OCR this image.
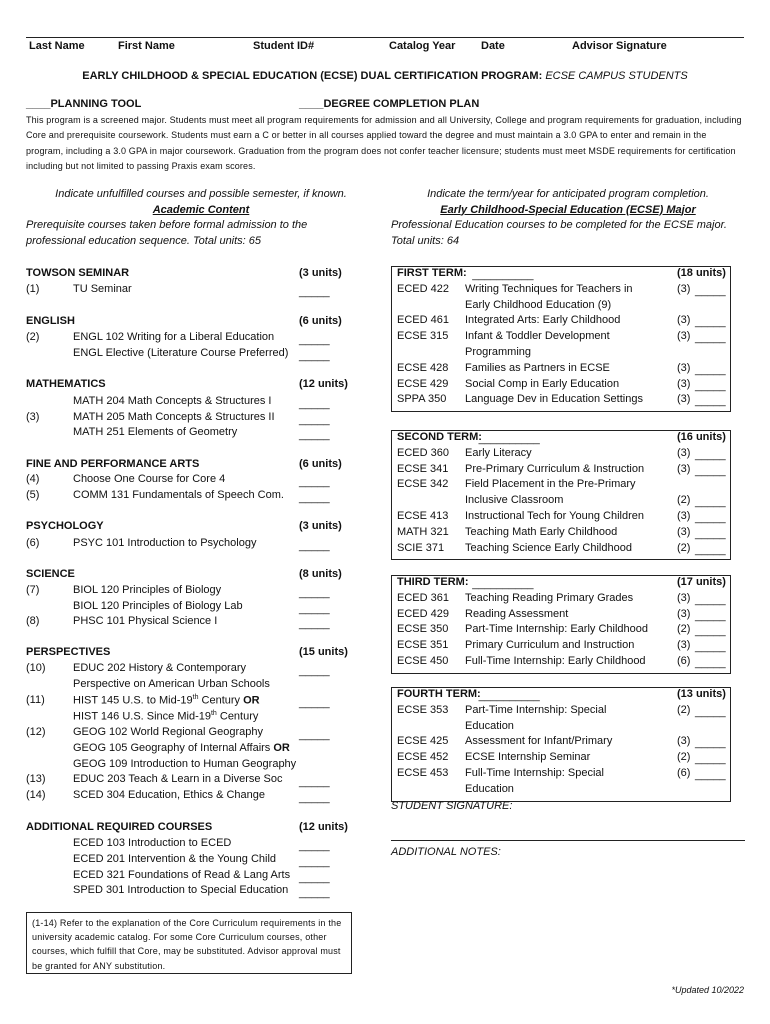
Last Name	First Name	Student ID#	Catalog Year Date	Advisor Signature
EARLY CHILDHOOD & SPECIAL EDUCATION (ECSE) DUAL CERTIFICATION PROGRAM: ECSE CAMPUS STUDENTS
____PLANNING TOOL	____DEGREE COMPLETION PLAN
This program is a screened major. Students must meet all program requirements for admission and all University, College and program requirements for graduation, including Core and prerequisite coursework. Students must earn a C or better in all courses applied toward the degree and must maintain a 3.0 GPA to enter and remain in the program, including a 3.0 GPA in major coursework. Graduation from the program does not confer teacher licensure; students must meet MSDE requirements for certification including but not limited to passing Praxis exam scores.
Indicate unfulfilled courses and possible semester, if known.
Academic Content
Prerequisite courses taken before formal admission to the
professional education sequence. Total units: 65
Indicate the term/year for anticipated program completion.
Early Childhood-Special Education (ECSE) Major
Professional Education courses to be completed for the ECSE major.
Total units: 64
TOWSON SEMINAR	(3 units)
(1)	TU Seminar	_____
ENGLISH	(6 units)
(2)	ENGL 102 Writing for a Liberal Education _____
ENGL Elective (Literature Course Preferred) _____
MATHEMATICS	(12 units)
MATH 204 Math Concepts & Structures I	_____
(3)	MATH 205 Math Concepts & Structures II _____
MATH 251 Elements of Geometry	_____
FINE AND PERFORMANCE ARTS	(6 units)
(4)	Choose One Course for Core 4	_____
(5)	COMM 131 Fundamentals of Speech Com. _____
PSYCHOLOGY	(3 units)
(6)	PSYC 101 Introduction to Psychology	_____
SCIENCE	(8 units)
(7)	BIOL 120 Principles of Biology	_____
BIOL 120 Principles of Biology Lab	_____
(8)	PHSC 101 Physical Science I	_____
PERSPECTIVES	(15 units)
(10) EDUC 202 History & Contemporary	_____
Perspective on American Urban Schools
(11)	HIST 145 U.S. to Mid-19th Century OR	_____
HIST 146 U.S. Since Mid-19th Century
(12) GEOG 102 World Regional Geography	_____
GEOG 105 Geography of Internal Affairs OR
GEOG 109 Introduction to Human Geography
(13) EDUC 203 Teach & Learn in a Diverse Soc _____
(14) SCED 304 Education, Ethics & Change	_____
ADDITIONAL REQUIRED COURSES	(12 units)
ECED 103 Introduction to ECED	_____
ECED 201 Intervention & the Young Child _____
ECED 321 Foundations of Read & Lang Arts _____
SPED 301 Introduction to Special Education _____
(1-14) Refer to the explanation of the Core Curriculum requirements in the university academic catalog. For some Core Curriculum courses, other courses, which fulfill that Core, may be substituted. Advisor approval must be granted for ANY substitution.
FIRST TERM: __________	(18 units)
ECED 422 Writing Techniques for Teachers in	(3) _____
Early Childhood Education (9)
ECED 461 Integrated Arts: Early Childhood	(3) _____
ECSE 315 Infant & Toddler Development	(3) _____
Programming
ECSE 428 Families as Partners in ECSE	(3) _____
ECSE 429 Social Comp in Early Education	(3) _____
SPPA 350 Language Dev in Education Settings	(3) _____
SECOND TERM:
__________	(16 units)
ECED 360 Early Literacy	(3) _____
ECSE 341 Pre-Primary Curriculum & Instruction	(3) _____
ECSE 342 Field Placement in the Pre-Primary
Inclusive Classroom	(2) _____
ECSE 413 Instructional Tech for Young Children	(3) _____
MATH 321 Teaching Math Early Childhood	(3) _____
SCIE 371 Teaching Science Early Childhood	(2) _____
THIRD TERM: __________	(17 units)
ECED 361 Teaching Reading Primary Grades	(3) _____
ECED 429 Reading Assessment	(3) _____
ECSE 350 Part-Time Internship: Early Childhood	(2) _____
ECSE 351 Primary Curriculum and Instruction	(3) _____
ECSE 450 Full-Time Internship: Early Childhood	(6) _____
FOURTH TERM:
__________	(13 units)
ECSE 353 Part-Time Internship: Special	(2) _____
Education
ECSE 425 Assessment for Infant/Primary	(3) _____
ECSE 452 ECSE Internship Seminar	(2) _____
ECSE 453 Full-Time Internship: Special	(6) _____
Education
STUDENT SIGNATURE:
ADDITIONAL NOTES:
*Updated 10/2022
